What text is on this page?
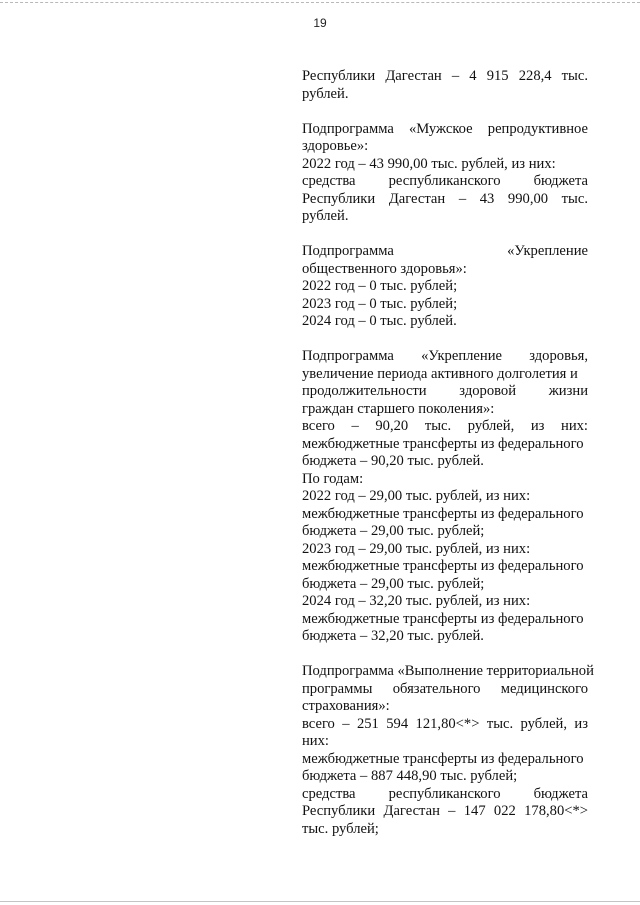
19
Республики Дагестан – 4 915 228,4 тыс.
рублей.
Подпрограмма «Мужское репродуктивное
здоровье»:
2022 год – 43 990,00 тыс. рублей, из них:
средства республиканского бюджета
Республики Дагестан – 43 990,00 тыс.
рублей.
Подпрограмма «Укрепление
общественного здоровья»:
2022 год – 0 тыс. рублей;
2023 год – 0 тыс. рублей;
2024 год – 0 тыс. рублей.
Подпрограмма «Укрепление здоровья,
увеличение периода активного долголетия и
продолжительности здоровой жизни
граждан старшего поколения»:
всего – 90,20 тыс. рублей, из них:
межбюджетные трансферты из федерального
бюджета – 90,20 тыс. рублей.
По годам:
2022 год – 29,00 тыс. рублей, из них:
межбюджетные трансферты из федерального
бюджета – 29,00 тыс. рублей;
2023 год – 29,00 тыс. рублей, из них:
межбюджетные трансферты из федерального
бюджета – 29,00 тыс. рублей;
2024 год – 32,20 тыс. рублей, из них:
межбюджетные трансферты из федерального
бюджета – 32,20 тыс. рублей.
Подпрограмма «Выполнение территориальной
программы обязательного медицинского
страхования»:
всего – 251 594 121,80<*> тыс. рублей, из
них:
межбюджетные трансферты из федерального
бюджета – 887 448,90 тыс. рублей;
средства республиканского бюджета
Республики Дагестан – 147 022 178,80<*>
тыс. рублей;
